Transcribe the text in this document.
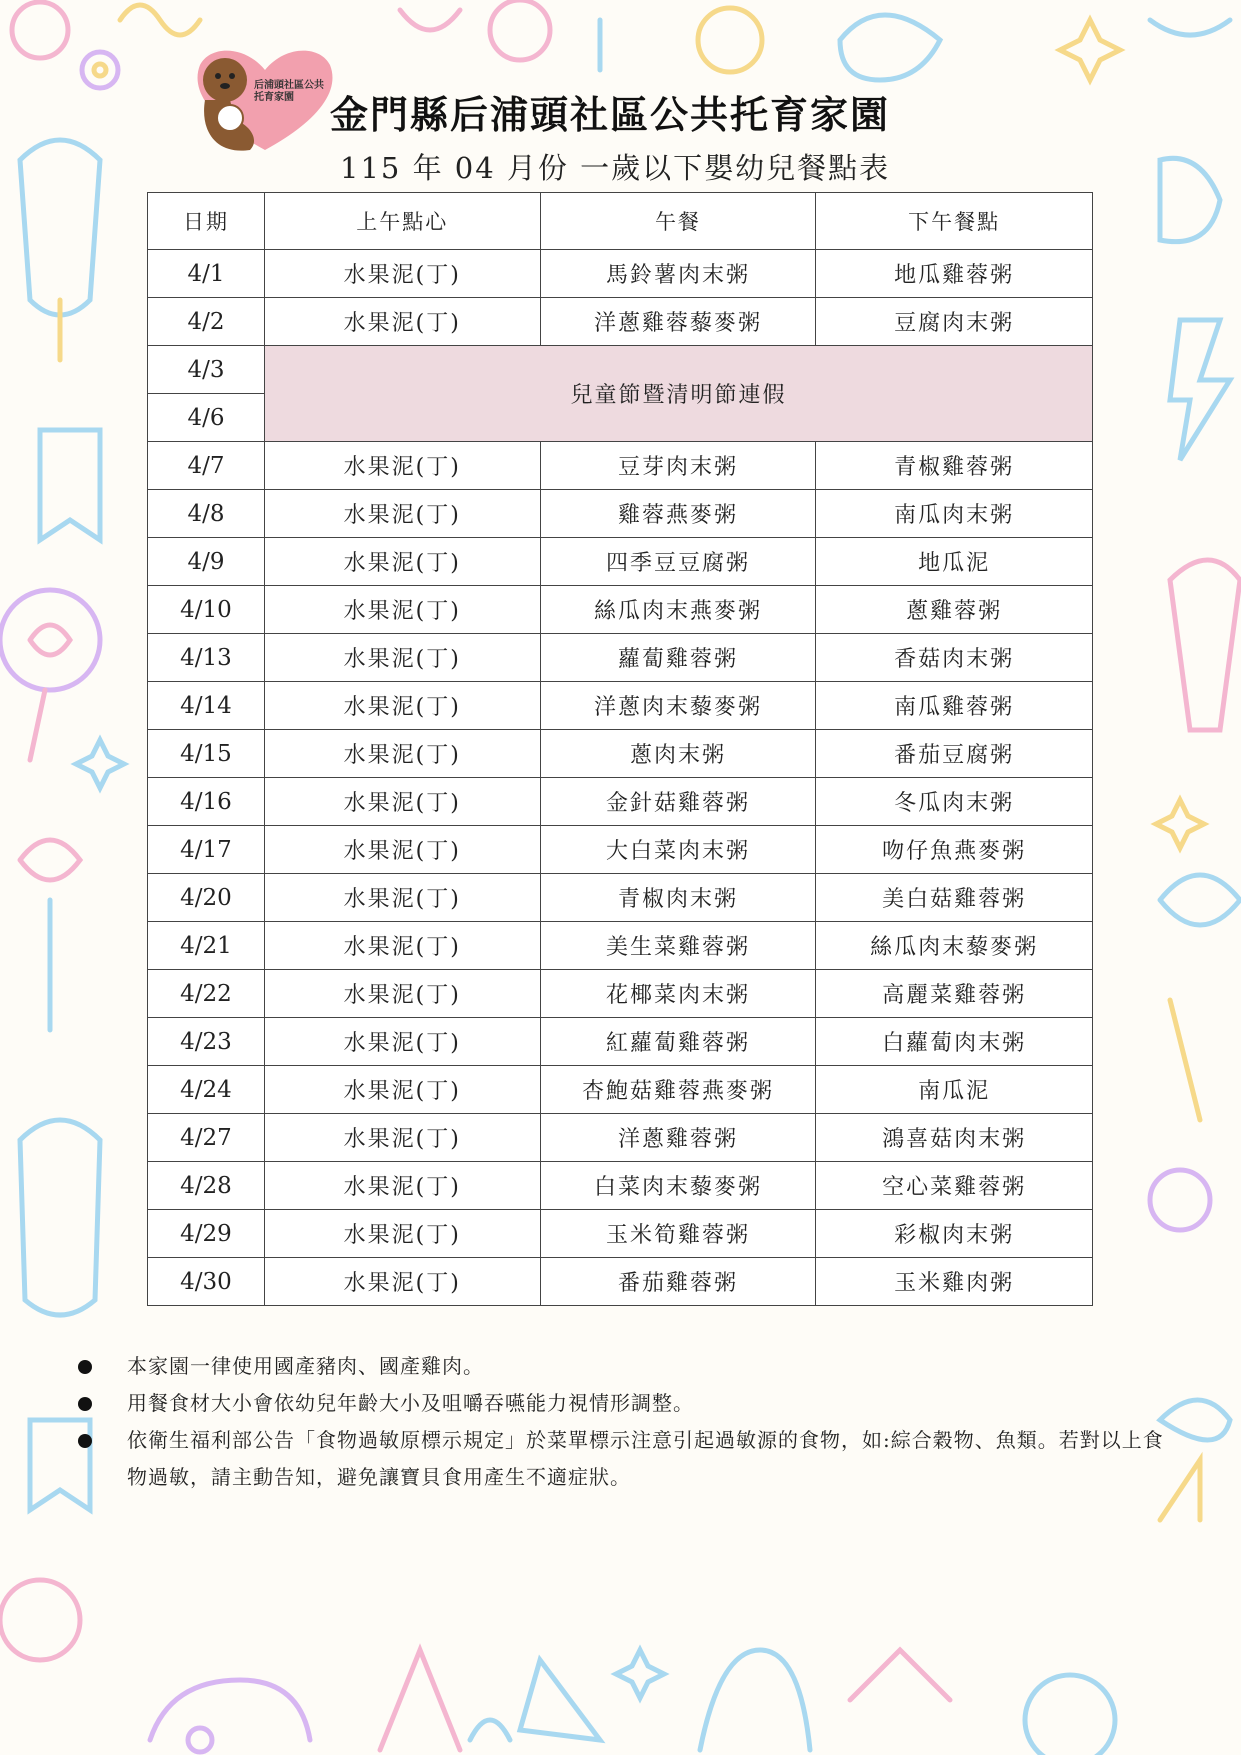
后浦頭社區公共托育家園 金門縣后浦頭社區公共托育家園
115 年 04 月份 一歲以下嬰幼兒餐點表
日期	上午點心	午餐	下午餐點
4/1	水果泥(丁)	馬鈴薯肉末粥	地瓜雞蓉粥
4/2	水果泥(丁)	洋蔥雞蓉藜麥粥	豆腐肉末粥
4/3	兒童節暨清明節連假		
4/6			
4/7	水果泥(丁)	豆芽肉末粥	青椒雞蓉粥
4/8	水果泥(丁)	雞蓉燕麥粥	南瓜肉末粥
4/9	水果泥(丁)	四季豆豆腐粥	地瓜泥
4/10	水果泥(丁)	絲瓜肉末燕麥粥	蔥雞蓉粥
4/13	水果泥(丁)	蘿蔔雞蓉粥	香菇肉末粥
4/14	水果泥(丁)	洋蔥肉末藜麥粥	南瓜雞蓉粥
4/15	水果泥(丁)	蔥肉末粥	番茄豆腐粥
4/16	水果泥(丁)	金針菇雞蓉粥	冬瓜肉末粥
4/17	水果泥(丁)	大白菜肉末粥	吻仔魚燕麥粥
4/20	水果泥(丁)	青椒肉末粥	美白菇雞蓉粥
4/21	水果泥(丁)	美生菜雞蓉粥	絲瓜肉末藜麥粥
4/22	水果泥(丁)	花椰菜肉末粥	高麗菜雞蓉粥
4/23	水果泥(丁)	紅蘿蔔雞蓉粥	白蘿蔔肉末粥
4/24	水果泥(丁)	杏鮑菇雞蓉燕麥粥	南瓜泥
4/27	水果泥(丁)	洋蔥雞蓉粥	鴻喜菇肉末粥
4/28	水果泥(丁)	白菜肉末藜麥粥	空心菜雞蓉粥
4/29	水果泥(丁)	玉米筍雞蓉粥	彩椒肉末粥
4/30	水果泥(丁)	番茄雞蓉粥	玉米雞肉粥
本家園一律使用國產豬肉、國產雞肉。
用餐食材大小會依幼兒年齡大小及咀嚼吞嚥能力視情形調整。
依衛生福利部公告「食物過敏原標示規定」於菜單標示注意引起過敏源的食物，如:綜合穀物、魚類。若對以上食物過敏，請主動告知，避免讓寶貝食用產生不適症狀。
